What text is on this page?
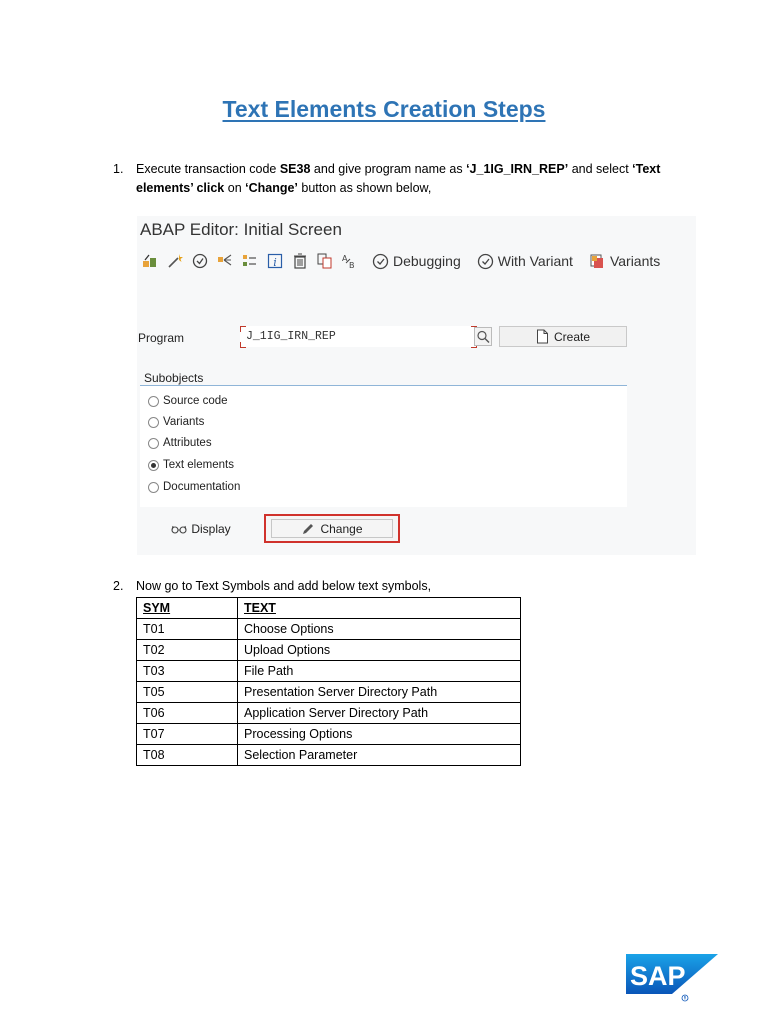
Text Elements Creation Steps
1.	Execute transaction code SE38 and give program name as ‘J_1IG_IRN_REP’ and select ‘Text elements’ click on ‘Change’ button as shown below,
ABAP Editor: Initial Screen
i	A
B	Debugging	With Variant	Variants
Program	J_1IG_IRN_REP	Create
Subobjects
Source code
Variants
Attributes
Text elements
Documentation
Display	Change
2.	Now go to Text Symbols and add below text symbols,
SYM	TEXT
T01	Choose Options
T02	Upload Options
T03	File Path
T05	Presentation Server Directory Path
T06	Application Server Directory Path
T07	Processing Options
T08	Selection Parameter
SAP
R
